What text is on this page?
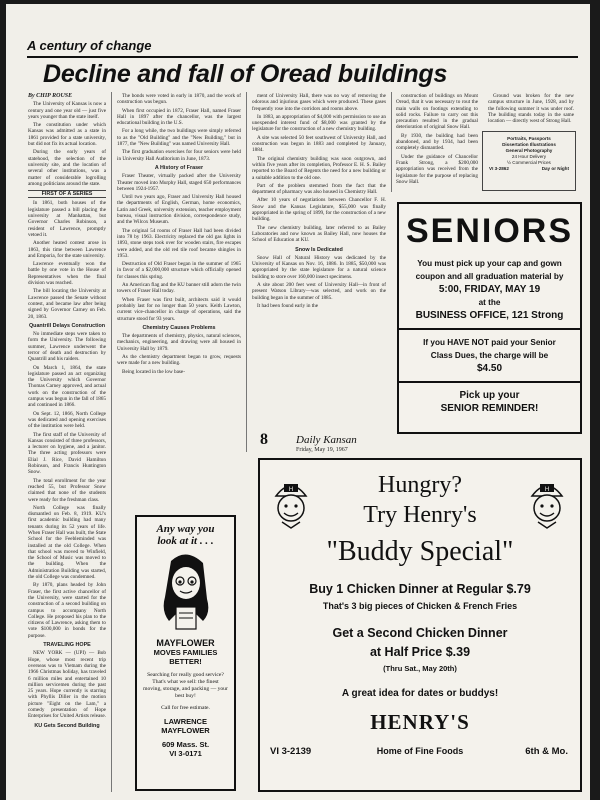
A century of change
Decline and fall of Oread buildings

By CHIP ROUSE

The University of Kansas is now a century and one year old — just five years younger than the state itself.

The constitution under which Kansas was admitted as a state in 1861 provided for a state university, but did not fix its actual location.

During the early years of statehood, the selection of the university site, and the location of several other institutions, was a matter of considerable logrolling among politicians around the state.

FIRST OF A SERIES

In 1861, both houses of the legislature passed a bill placing the university at Manhattan, but Governor Charles Robinson, a resident of Lawrence, promptly vetoed it.

Another heated contest arose in 1863, this time between Lawrence and Emporia, for the state university.

Lawrence eventually won the battle by one vote in the House of Representatives when the final division was reached.

The bill locating the University at Lawrence passed the Senate without contest, and became law after being signed by Governor Carney on Feb. 20, 1863.

Quantrill Delays Construction

No immediate steps were taken to form the University. The following summer, Lawrence underwent the terror of death and destruction by Quantrill and his raiders.

On March 1, 1864, the state legislature passed an act organizing the University which Governor Thomas Carney approved, and actual work on the construction of the campus was begun in the fall of 1865 and continued in 1866.

On Sept. 12, 1866, North College was dedicated and opening exercises of the institution were held.

The first staff of the University of Kansas consisted of three professors, a lecturer on hygiene, and a janitor. The three acting professors were Elial J. Rice, David Hamilton Robinson, and Francis Huntington Snow.

The total enrollment for the year reached 55, but Professor Snow claimed that none of the students were ready for the freshman class.

North College was finally dismantled on Feb. 8, 1919. KU's first academic building had many tenants during its 52 years of life. When Fraser Hall was built, the State School for the Feebleminded was installed at the old College. When that school was moved to Winfield, the School of Music was moved to the building. When the Administration Building was started, the old College was condemned.

By 1870, plans headed by John Fraser, the first active chancellor of the University, were started for the construction of a second building on campus to accompany North College. He proposed his plan to the citizens of Lawrence, asking them to vote $100,000 in bonds for the purpose.

TRAVELING HOPE

NEW YORK — (UPI) — Bob Hope, whose most recent trip overseas was to Vietnam during the 1966 Christmas holiday, has traveled 6 million miles and entertained 10 million servicemen during the past 25 years. Hope currently is starring with Phyllis Diller in the motion picture "Eight on the Lam," a comedy presentation of Hope Enterprises for United Artists release.

KU Gets Second Building

The bonds were voted in early in 1870, and the work of construction was begun.

When first occupied in 1872, Fraser Hall, named Fraser Hall in 1897 after the chancellor, was the largest educational building in the U.S.

For a long while, the two buildings were simply referred to as the "Old Building" and the "New Building," but in 1877, the "New Building" was named University Hall.

The first graduation exercises for four seniors were held in University Hall Auditorium in June, 1873.

A History of Fraser

Fraser Theater, virtually packed after the University Theater moved into Murphy Hall, staged 650 performances between 1924-1957.

Until two years ago, Fraser and University Hall housed the departments of English, German, home economics, Latin and Greek, university extension, teacher employment bureau, visual instruction division, correspondence study, and the Wilcox Museum.

The original 54 rooms of Fraser Hall had been divided into 78 by 1963. Electricity replaced the old gas lights in 1893, stone steps took over for wooden stairs, fire escapes were added, and the old red tile roof became shingles in 1953.

Destruction of Old Fraser began in the summer of 1965 in favor of a $2,000,000 structure which officially opened for classes this spring.

An American flag and the KU banner still adorn the twin towers of Fraser Hall today.

When Fraser was first built, architects said it would probably last for no longer than 50 years. Keith Lawton, current vice-chancellor in charge of operations, said the structure stood for 93 years.

Chemistry Causes Problems

The departments of chemistry, physics, natural sciences, mechanics, engineering, and drawing were all housed in University Hall by 1879.

As the chemistry department began to grow, requests were made for a new building.

Being located in the low base-

ment of University Hall, there was no way of removing the odorous and injurious gases which were produced. These gases frequently rose into the corridors and rooms above.

In 1883, an appropriation of $4,000 with permission to use an unexpended interest fund of $8,000 was granted by the legislature for the construction of a new chemistry building.

A site was selected 50 feet southwest of University Hall, and construction was begun in 1883 and completed by January, 1884.

The original chemistry building was soon outgrown, and within five years after its completion, Professor E. H. S. Bailey reported to the Board of Regents the need for a new building or a suitable addition to the old one.

Part of the problem stemmed from the fact that the department of pharmacy was also housed in Chemistry Hall.

After 10 years of negotiations between Chancellor F. H. Snow and the Kansas Legislature, $55,000 was finally appropriated in the spring of 1899, for the construction of a new building.

The new chemistry building, later referred to as Bailey Laboratories and now known as Bailey Hall, now houses the School of Education at KU.

Snow Is Dedicated

Snow Hall of Natural History was dedicated by the University of Kansas on Nov. 16, 1886. In 1885, $50,000 was appropriated by the state legislature for a natural science building to store over 160,000 insect specimens.

A site about 200 feet west of University Hall—in front of present Watson Library—was selected, and work on the building began in the summer of 1885.

It had been found early in the

construction of buildings on Mount Oread, that it was necessary to rout the main walls on footings extending to solid rocks. Failure to carry out this precaution resulted in the gradual deterioration of original Snow Hall.

By 1930, the building had been abandoned, and by 1934, had been completely dismantled.

Under the guidance of Chancellor Frank Strong, a $200,000 appropriation was received from the legislature for the purpose of replacing Snow Hall.

Ground was broken for the new campus structure in June, 1928, and by the following summer it was under roof. The building stands today in the same location — directly west of Strong Hall.

Portraits, Passports
Dissertation Illustrations
General Photography
24 Hour Delivery
½ Commercial Prices
VI 3-2862	Day or Night
SENIORS
You must pick up your cap and gown
coupon and all graduation material by
5:00, FRIDAY, MAY 19
at the
BUSINESS OFFICE, 121 Strong
If you HAVE NOT paid your Senior
Class Dues, the charge will be
$4.50
Pick up your
SENIOR REMINDER!
8	Daily Kansan
Friday, May 19, 1967
H	H
Hungry?
Try Henry's
"Buddy Special"
Buy 1 Chicken Dinner at Regular $.79
That's 3 big pieces of Chicken & French Fries
Get a Second Chicken Dinner
at Half Price $.39
(Thru Sat., May 20th)
A great idea for dates or buddys!
HENRY'S
VI 3-2139	Home of Fine Foods	6th & Mo.
Any way you
look at it . . .
MAYFLOWER
MOVES FAMILIES
BETTER!
Searching for really good service? That's what we sell: the finest moving, storage, and packing — your best buy!
Call for free estimate.
LAWRENCE
MAYFLOWER
609 Mass. St.
VI 3-0171
